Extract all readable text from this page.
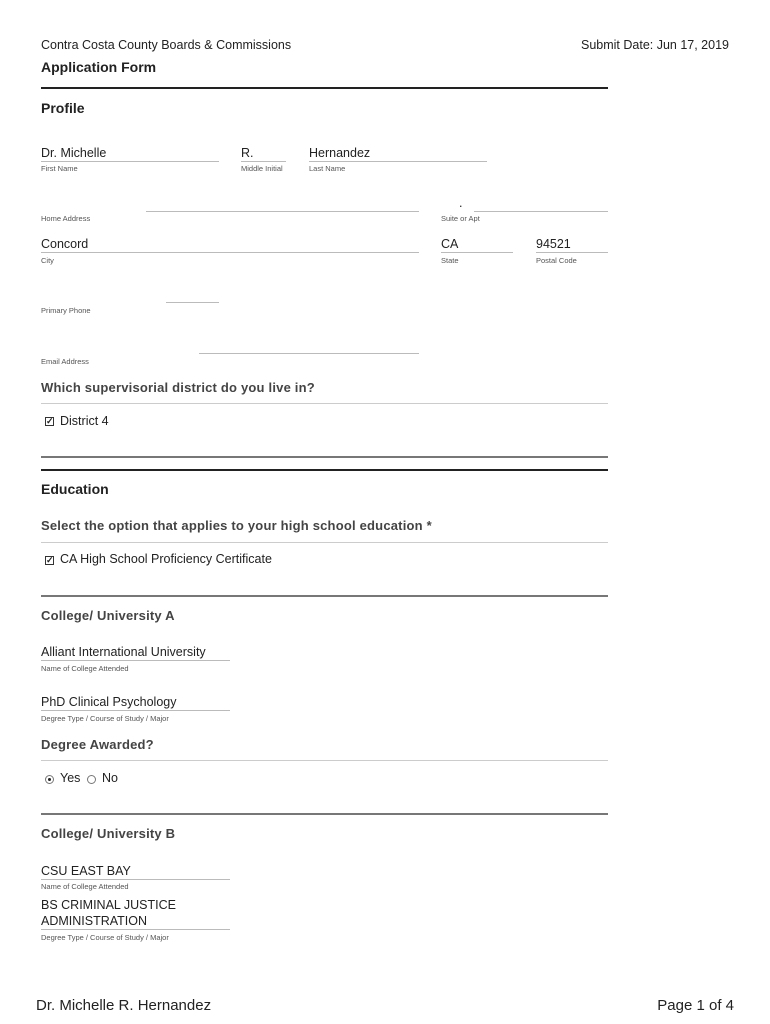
Contra Costa County Boards & Commissions	Submit Date: Jun 17, 2019
Application Form
Profile
Dr. Michelle
First Name
R.
Middle Initial
Hernandez
Last Name
Home Address
.
Suite or Apt
Concord
City
CA
State
94521
Postal Code
Primary Phone
Email Address
Which supervisorial district do you live in?
✓ District 4
Education
Select the option that applies to your high school education *
✓ CA High School Proficiency Certificate
College/ University A
Alliant International University
Name of College Attended
PhD Clinical Psychology
Degree Type / Course of Study / Major
Degree Awarded?
Yes No
College/ University B
CSU EAST BAY
Name of College Attended
BS CRIMINAL JUSTICE
ADMINISTRATION
Degree Type / Course of Study / Major
Dr. Michelle R. Hernandez	Page 1 of 4
